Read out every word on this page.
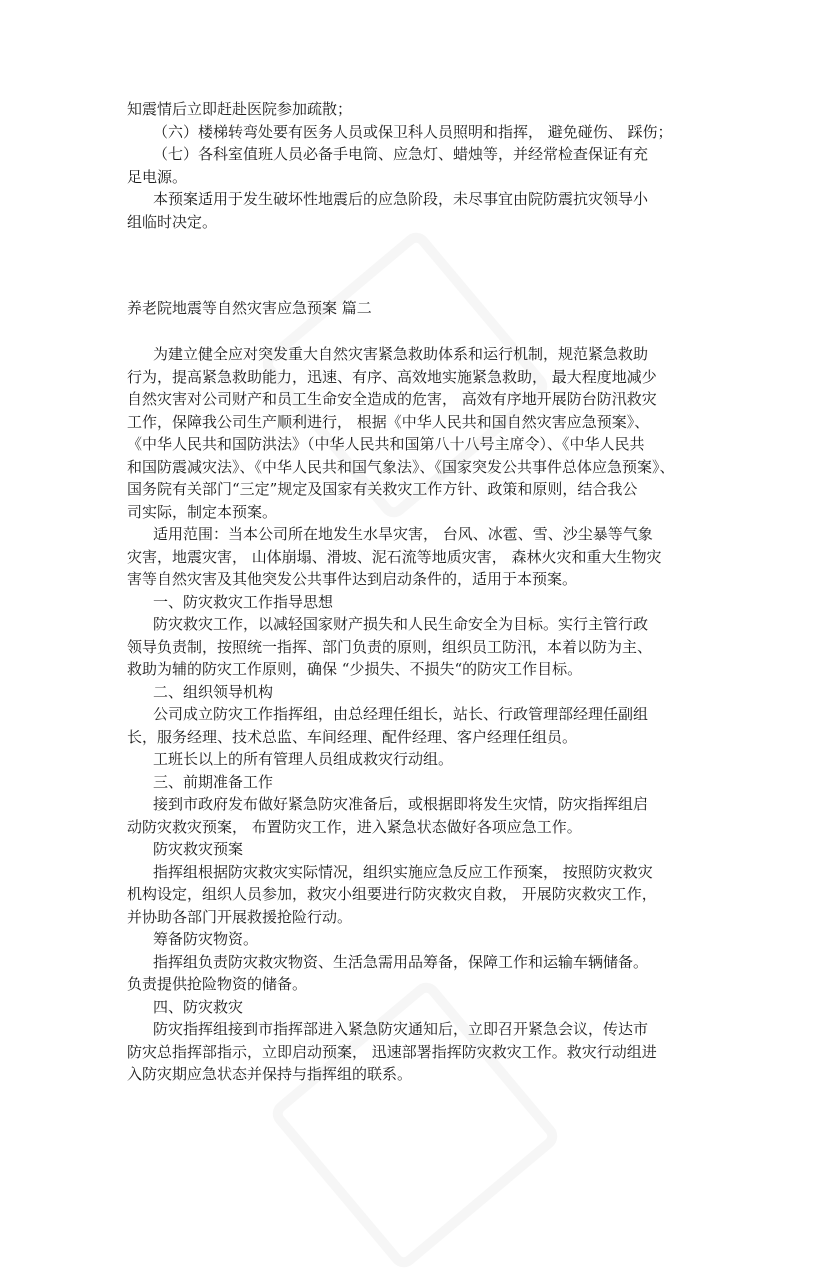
知震情后立即赶赴医院参加疏散；
（六）楼梯转弯处要有医务人员或保卫科人员照明和指挥， 避免碰伤、 踩伤；
（七）各科室值班人员必备手电筒、应急灯、蜡烛等，并经常检查保证有充
足电源。
本预案适用于发生破坏性地震后的应急阶段，未尽事宜由院防震抗灾领导小
组临时决定。
养老院地震等自然灾害应急预案 篇二
为建立健全应对突发重大自然灾害紧急救助体系和运行机制，规范紧急救助
行为，提高紧急救助能力，迅速、有序、高效地实施紧急救助， 最大程度地减少
自然灾害对公司财产和员工生命安全造成的危害， 高效有序地开展防台防汛救灾
工作，保障我公司生产顺利进行， 根据《中华人民共和国自然灾害应急预案》、
《中华人民共和国防洪法》（中华人民共和国第八十八号主席令）、《中华人民共
和国防震减灾法》、《中华人民共和国气象法》、《国家突发公共事件总体应急预案》、
国务院有关部门“三定”规定及国家有关救灾工作方针、政策和原则，结合我公
司实际，制定本预案。
适用范围：当本公司所在地发生水旱灾害， 台风、冰雹、雪、沙尘暴等气象
灾害，地震灾害， 山体崩塌、滑坡、泥石流等地质灾害， 森林火灾和重大生物灾
害等自然灾害及其他突发公共事件达到启动条件的，适用于本预案。
一、防灾救灾工作指导思想
防灾救灾工作，以减轻国家财产损失和人民生命安全为目标。实行主管行政
领导负责制，按照统一指挥、部门负责的原则，组织员工防汛，本着以防为主、
救助为辅的防灾工作原则，确保 “少损失、不损失“的防灾工作目标。
二、组织领导机构
公司成立防灾工作指挥组，由总经理任组长，站长、行政管理部经理任副组
长，服务经理、技术总监、车间经理、配件经理、客户经理任组员。
工班长以上的所有管理人员组成救灾行动组。
三、前期准备工作
接到市政府发布做好紧急防灾准备后，或根据即将发生灾情，防灾指挥组启
动防灾救灾预案， 布置防灾工作，进入紧急状态做好各项应急工作。
防灾救灾预案
指挥组根据防灾救灾实际情况，组织实施应急反应工作预案， 按照防灾救灾
机构设定，组织人员参加，救灾小组要进行防灾救灾自救， 开展防灾救灾工作，
并协助各部门开展救援抢险行动。
筹备防灾物资。
指挥组负责防灾救灾物资、生活急需用品筹备，保障工作和运输车辆储备。
负责提供抢险物资的储备。
四、防灾救灾
防灾指挥组接到市指挥部进入紧急防灾通知后，立即召开紧急会议，传达市
防灾总指挥部指示，立即启动预案， 迅速部署指挥防灾救灾工作。救灾行动组进
入防灾期应急状态并保持与指挥组的联系。
